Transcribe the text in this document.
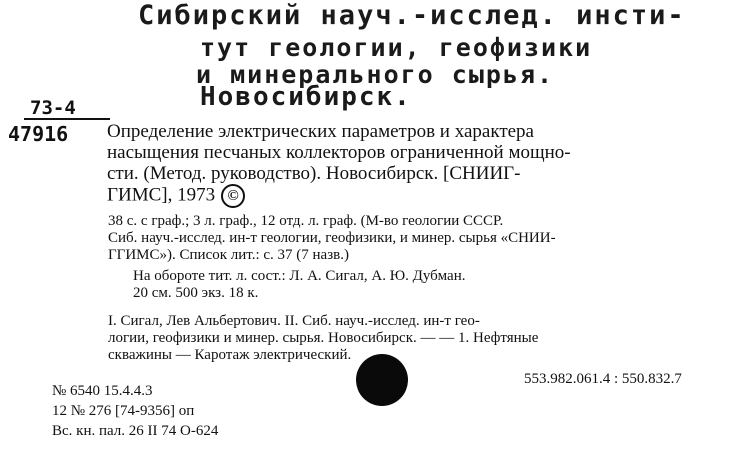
Сибирский науч.-исслед. инсти-
тут геологии, геофизики
и минерального сырья.
Новосибирск.
73-4
47916 Определение электрических параметров и характера
насыщения песчаных коллекторов ограниченной мощно-
сти. (Метод. руководство). Новосибирск. [СНИИГ-
ГИМС], 1973 ©
38 с. с граф.; 3 л. граф., 12 отд. л. граф. (М-во геологии СССР.
Сиб. науч.-исслед. ин-т геологии, геофизики, и минер. сырья «СНИИ-
ГГИМС»). Список лит.: с. 37 (7 назв.)
На обороте тит. л. сост.: Л. А. Сигал, А. Ю. Дубман.
20 см. 500 экз. 18 к.
I. Сигал, Лев Альбертович. II. Сиб. науч.-исслед. ин-т гео-
логии, геофизики и минер. сырья. Новосибирск. — — 1. Нефтяные
скважины — Каротаж электрический.
553.982.061.4 : 550.832.7
№ 6540 15.4.4.3
12 № 276 [74-9356] оп
Вс. кн. пал. 26 II 74 О-624
